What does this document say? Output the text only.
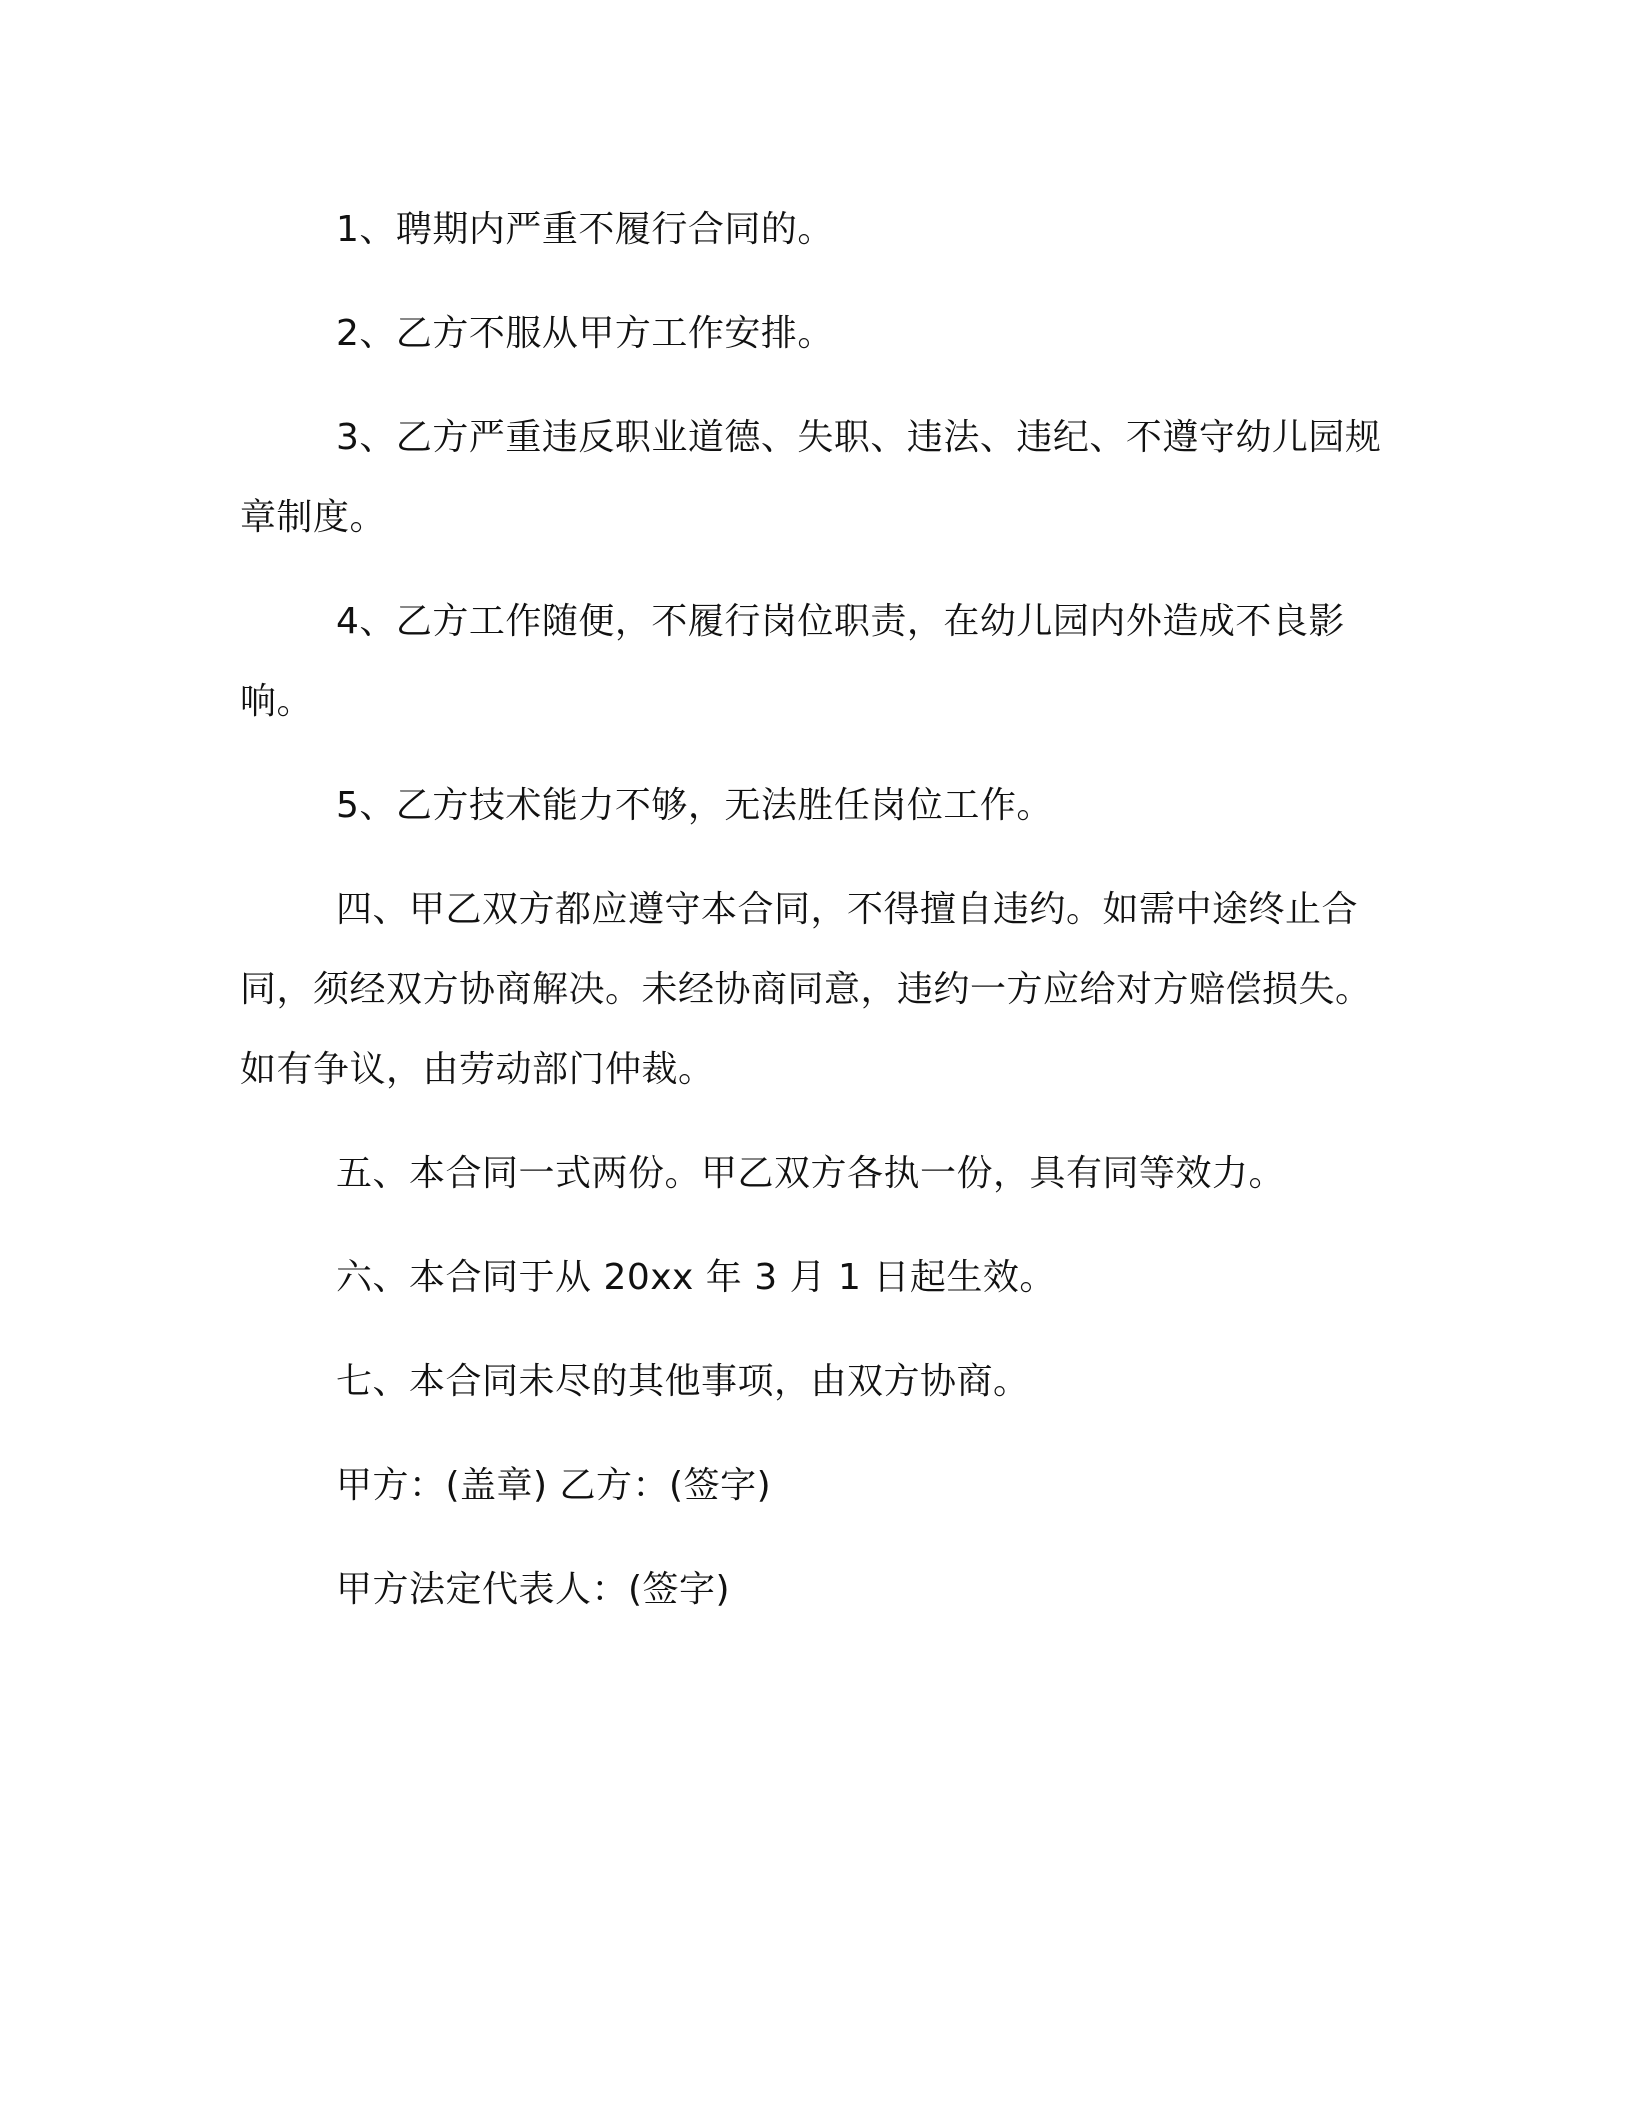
1、聘期内严重不履行合同的。

2、乙方不服从甲方工作安排。

3、乙方严重违反职业道德、失职、违法、违纪、不遵守幼儿园规章制度。

4、乙方工作随便，不履行岗位职责，在幼儿园内外造成不良影响。

5、乙方技术能力不够，无法胜任岗位工作。

四、甲乙双方都应遵守本合同，不得擅自违约。如需中途终止合同，须经双方协商解决。未经协商同意，违约一方应给对方赔偿损失。如有争议，由劳动部门仲裁。

五、本合同一式两份。甲乙双方各执一份，具有同等效力。

六、本合同于从 20xx 年 3 月 1 日起生效。

七、本合同未尽的其他事项，由双方协商。

甲方：(盖章) 乙方：(签字)

甲方法定代表人：(签字)
